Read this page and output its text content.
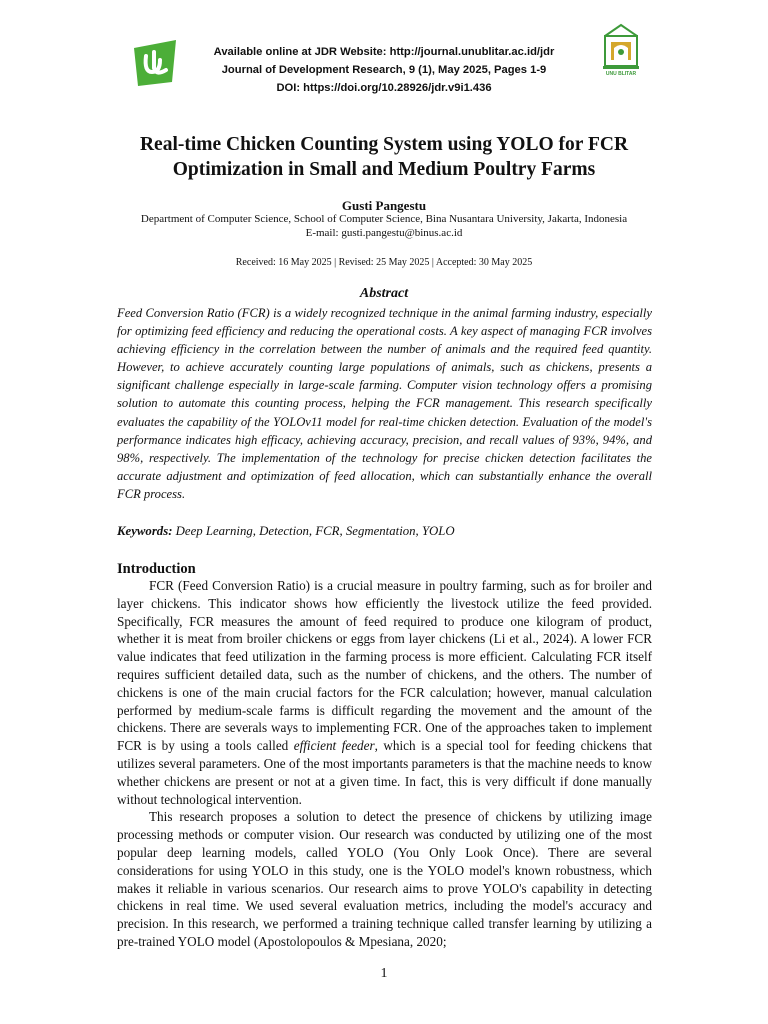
Available online at JDR Website: http://journal.unublitar.ac.id/jdr
Journal of Development Research, 9 (1), May 2025, Pages 1-9
DOI: https://doi.org/10.28926/jdr.v9i1.436
UNU BLITAR
Real-time Chicken Counting System using YOLO for FCR
Optimization in Small and Medium Poultry Farms
Gusti Pangestu
Department of Computer Science, School of Computer Science, Bina Nusantara University, Jakarta, Indonesia
E-mail: gusti.pangestu@binus.ac.id
Received: 16 May 2025 | Revised: 25 May 2025 | Accepted: 30 May 2025
Abstract

Feed Conversion Ratio (FCR) is a widely recognized technique in the animal farming industry, especially for optimizing feed efficiency and reducing the operational costs. A key aspect of managing FCR involves achieving efficiency in the correlation between the number of animals and the required feed quantity. However, to achieve accurately counting large populations of animals, such as chickens, presents a significant challenge especially in large-scale farming. Computer vision technology offers a promising solution to automate this counting process, helping the FCR management. This research specifically evaluates the capability of the YOLOv11 model for real-time chicken detection. Evaluation of the model's performance indicates high efficacy, achieving accuracy, precision, and recall values of 93%, 94%, and 98%, respectively. The implementation of the technology for precise chicken detection facilitates the accurate adjustment and optimization of feed allocation, which can substantially enhance the overall FCR process.

Keywords: Deep Learning, Detection, FCR, Segmentation, YOLO
Introduction

FCR (Feed Conversion Ratio) is a crucial measure in poultry farming, such as for broiler and layer chickens. This indicator shows how efficiently the livestock utilize the feed provided. Specifically, FCR measures the amount of feed required to produce one kilogram of product, whether it is meat from broiler chickens or eggs from layer chickens (Li et al., 2024). A lower FCR value indicates that feed utilization in the farming process is more efficient. Calculating FCR itself requires sufficient detailed data, such as the number of chickens, and the others. The number of chickens is one of the main crucial factors for the FCR calculation; however, manual calculation performed by medium-scale farms is difficult regarding the movement and the amount of the chickens. There are severals ways to implementing FCR. One of the approaches taken to implement FCR is by using a tools called efficient feeder, which is a special tool for feeding chickens that utilizes several parameters. One of the most importants parameters is that the machine needs to know whether chickens are present or not at a given time. In fact, this is very difficult if done manually without technological intervention.

This research proposes a solution to detect the presence of chickens by utilizing image processing methods or computer vision. Our research was conducted by utilizing one of the most popular deep learning models, called YOLO (You Only Look Once). There are several considerations for using YOLO in this study, one is the YOLO model's known robustness, which makes it reliable in various scenarios. Our research aims to prove YOLO's capability in detecting chickens in real time. We used several evaluation metrics, including the model's accuracy and precision. In this research, we performed a training technique called transfer learning by utilizing a pre-trained YOLO model (Apostolopoulos & Mpesiana, 2020;

1
